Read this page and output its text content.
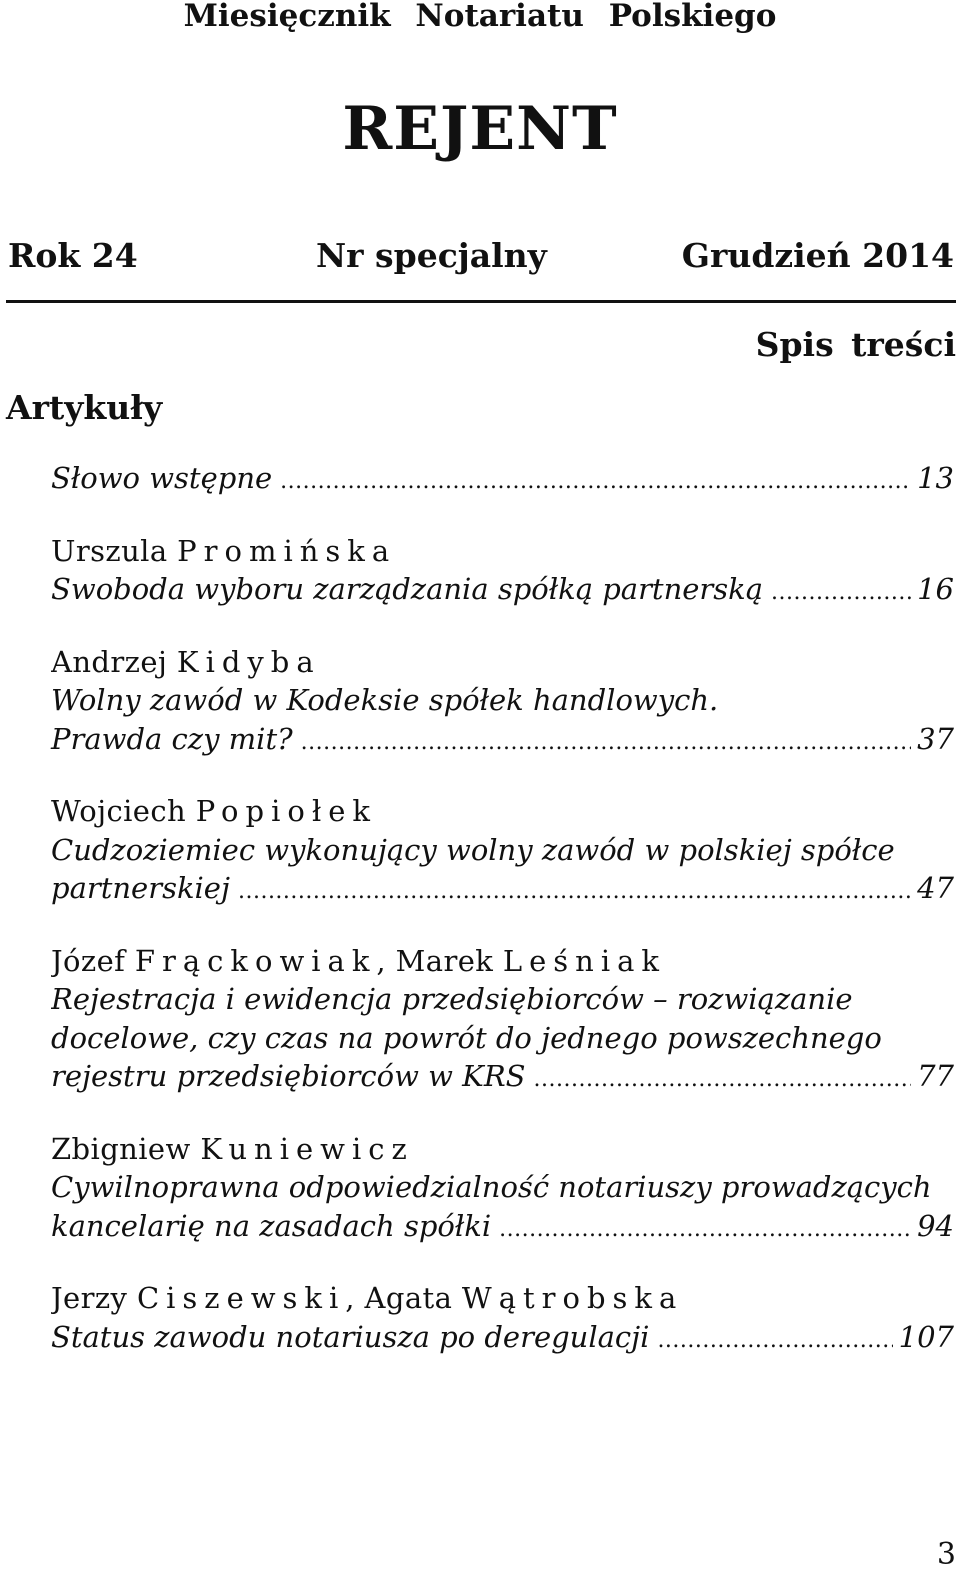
Miesięcznik Notariatu Polskiego
REJENT
Rok 24	Nr specjalny	Grudzień 2014
Spis treści
Artykuły
Słowo wstępne .....	13
Urszula Promińska
Swoboda wyboru zarządzania spółką partnerską .....	16
Andrzej Kidyba
Wolny zawód w Kodeksie spółek handlowych.
Prawda czy mit? .....	37
Wojciech Popiołek
Cudzoziemiec wykonujący wolny zawód w polskiej spółce
partnerskiej .....	47
Józef Frąckowiak, Marek Leśniak
Rejestracja i ewidencja przedsiębiorców – rozwiązanie
docelowe, czy czas na powrót do jednego powszechnego
rejestru przedsiębiorców w KRS .....	77
Zbigniew Kuniewicz
Cywilnoprawna odpowiedzialność notariuszy prowadzących
kancelarię na zasadach spółki .....	94
Jerzy Ciszewski, Agata Wątrobska
Status zawodu notariusza po deregulacji .....	107
3
